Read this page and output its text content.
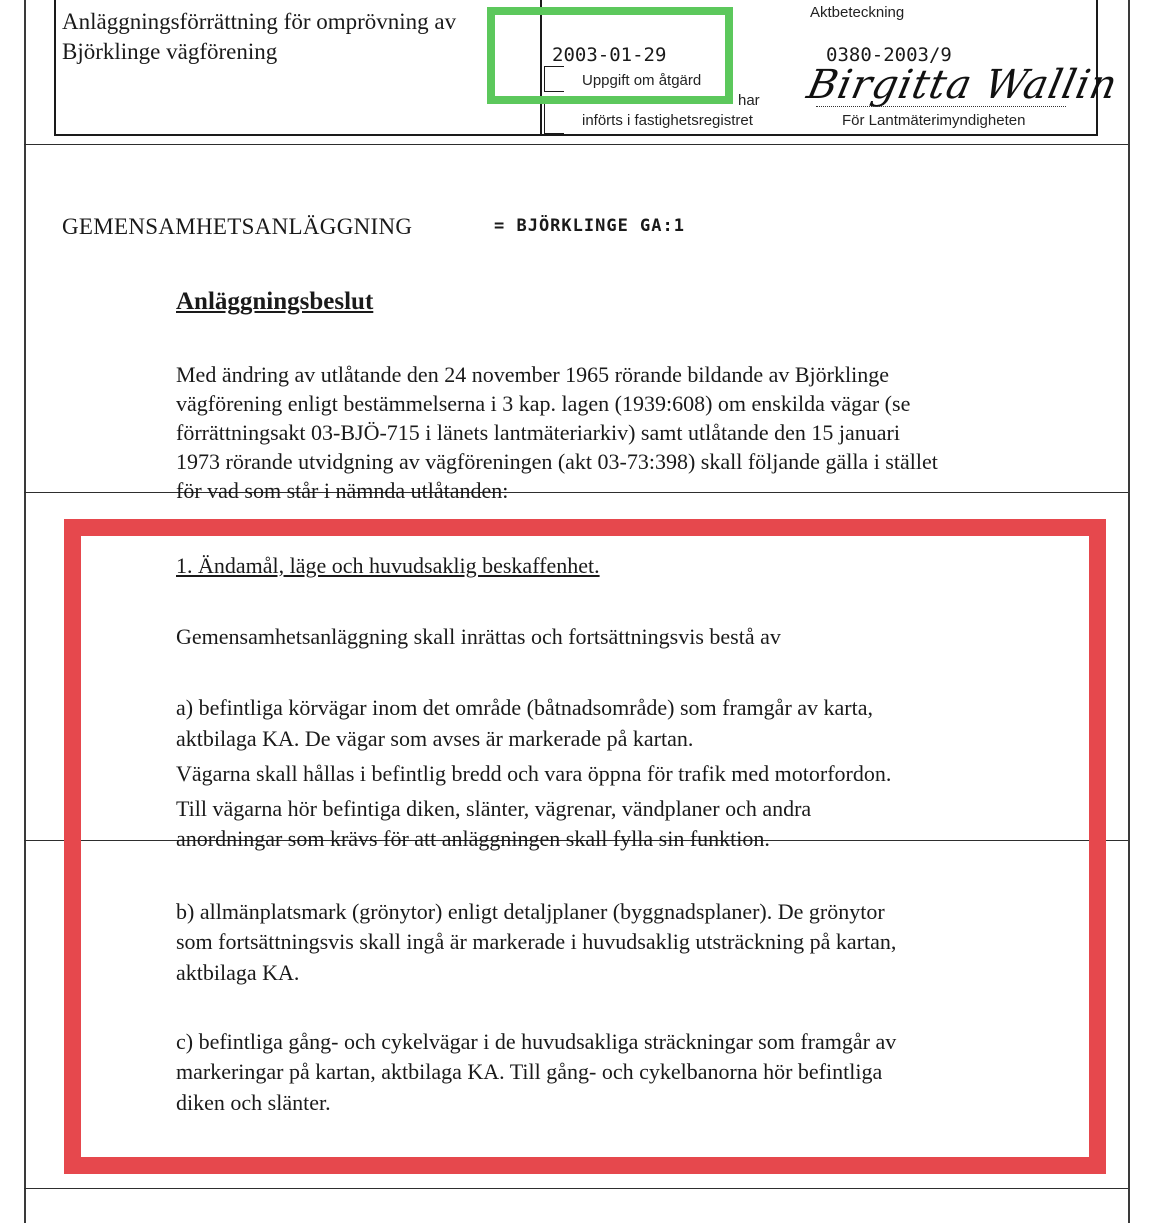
Anläggningsförrättning för omprövning av
Björklinge vägförening	2003-01-29
Uppgift om åtgärd
har
införts i fastighetsregistret
Aktbeteckning
0380-2003/9
Birgitta Wallin
För Lantmäterimyndigheten
GEMENSAMHETSANLÄGGNING	= BJÖRKLINGE GA:1
Anläggningsbeslut
Med ändring av utlåtande den 24 november 1965 rörande bildande av Björklinge
vägförening enligt bestämmelserna i 3 kap. lagen (1939:608) om enskilda vägar (se
förrättningsakt 03-BJÖ-715 i länets lantmäteriarkiv) samt utlåtande den 15 januari
1973 rörande utvidgning av vägföreningen (akt 03-73:398) skall följande gälla i stället
för vad som står i nämnda utlåtanden:
1. Ändamål, läge och huvudsaklig beskaffenhet.
Gemensamhetsanläggning skall inrättas och fortsättningsvis bestå av
a) befintliga körvägar inom det område (båtnadsområde) som framgår av karta,
aktbilaga KA. De vägar som avses är markerade på kartan.
Vägarna skall hållas i befintlig bredd och vara öppna för trafik med motorfordon.
Till vägarna hör befintiga diken, slänter, vägrenar, vändplaner och andra
anordningar som krävs för att anläggningen skall fylla sin funktion.
b) allmänplatsmark (grönytor) enligt detaljplaner (byggnadsplaner). De grönytor
som fortsättningsvis skall ingå är markerade i huvudsaklig utsträckning på kartan,
aktbilaga KA.
c) befintliga gång- och cykelvägar i de huvudsakliga sträckningar som framgår av
markeringar på kartan, aktbilaga KA. Till gång- och cykelbanorna hör befintliga
diken och slänter.
